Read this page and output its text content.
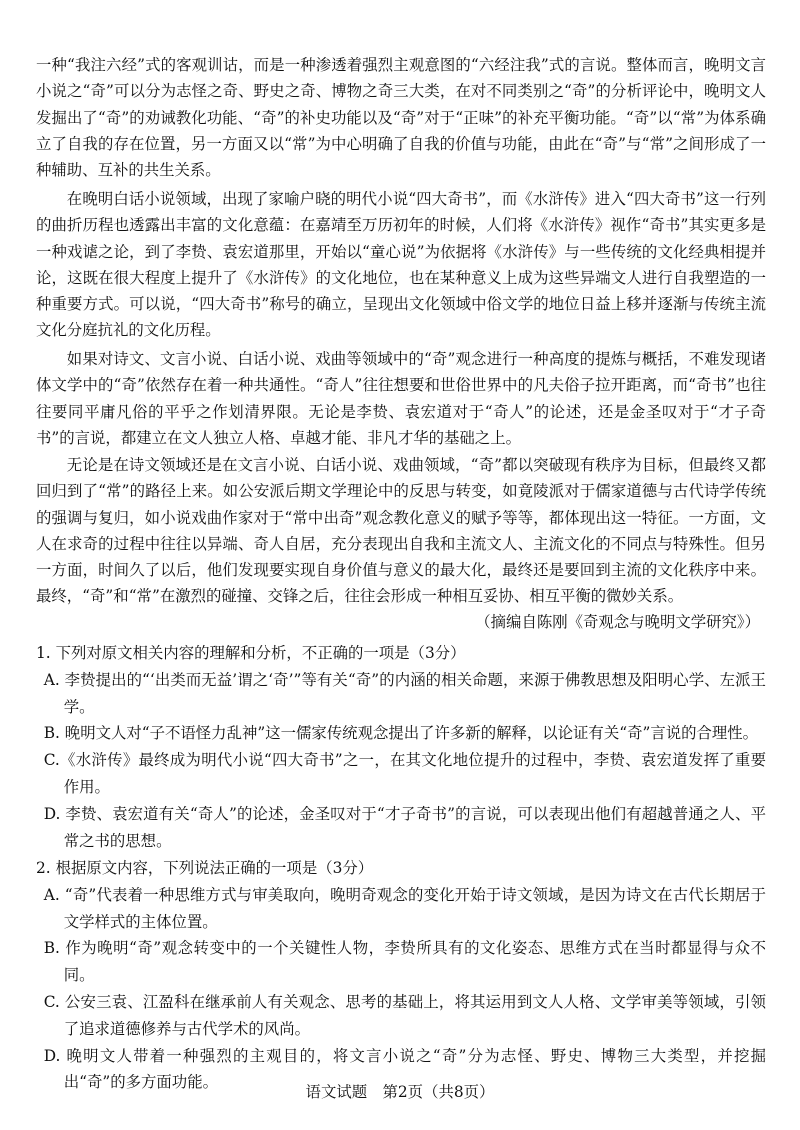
一种“我注六经”式的客观训诂，而是一种渗透着强烈主观意图的“六经注我”式的言说。整体而言，晚明文言小说之“奇”可以分为志怪之奇、野史之奇、博物之奇三大类，在对不同类别之“奇”的分析评论中，晚明文人发掘出了“奇”的劝诫教化功能、“奇”的补史功能以及“奇”对于“正味”的补充平衡功能。“奇”以“常”为体系确立了自我的存在位置，另一方面又以“常”为中心明确了自我的价值与功能，由此在“奇”与“常”之间形成了一种辅助、互补的共生关系。

在晚明白话小说领域，出现了家喻户晓的明代小说“四大奇书”，而《水浒传》进入“四大奇书”这一行列的曲折历程也透露出丰富的文化意蕴：在嘉靖至万历初年的时候，人们将《水浒传》视作“奇书”其实更多是一种戏谑之论，到了李贽、袁宏道那里，开始以“童心说”为依据将《水浒传》与一些传统的文化经典相提并论，这既在很大程度上提升了《水浒传》的文化地位，也在某种意义上成为这些异端文人进行自我塑造的一种重要方式。可以说，“四大奇书”称号的确立，呈现出文化领域中俗文学的地位日益上移并逐渐与传统主流文化分庭抗礼的文化历程。

如果对诗文、文言小说、白话小说、戏曲等领域中的“奇”观念进行一种高度的提炼与概括，不难发现诸体文学中的“奇”依然存在着一种共通性。“奇人”往往想要和世俗世界中的凡夫俗子拉开距离，而“奇书”也往往要同平庸凡俗的平乎之作划清界限。无论是李贽、袁宏道对于“奇人”的论述，还是金圣叹对于“才子奇书”的言说，都建立在文人独立人格、卓越才能、非凡才华的基础之上。

无论是在诗文领域还是在文言小说、白话小说、戏曲领域，“奇”都以突破现有秩序为目标，但最终又都回归到了“常”的路径上来。如公安派后期文学理论中的反思与转变，如竟陵派对于儒家道德与古代诗学传统的强调与复归，如小说戏曲作家对于“常中出奇”观念教化意义的赋予等等，都体现出这一特征。一方面，文人在求奇的过程中往往以异端、奇人自居，充分表现出自我和主流文人、主流文化的不同点与特殊性。但另一方面，时间久了以后，他们发现要实现自身价值与意义的最大化，最终还是要回到主流的文化秩序中来。最终，“奇”和“常”在激烈的碰撞、交锋之后，往往会形成一种相互妥协、相互平衡的微妙关系。

（摘编自陈刚《奇观念与晚明文学研究》）

1. 下列对原文相关内容的理解和分析，不正确的一项是（3分）

A. 李贽提出的“‘出类而无益’谓之‘奇’”等有关“奇”的内涵的相关命题，来源于佛教思想及阳明心学、左派王学。

B. 晚明文人对“子不语怪力乱神”这一儒家传统观念提出了许多新的解释，以论证有关“奇”言说的合理性。

C.《水浒传》最终成为明代小说“四大奇书”之一，在其文化地位提升的过程中，李贽、袁宏道发挥了重要作用。

D. 李贽、袁宏道有关“奇人”的论述，金圣叹对于“才子奇书”的言说，可以表现出他们有超越普通之人、平常之书的思想。

2. 根据原文内容，下列说法正确的一项是（3分）

A. “奇”代表着一种思维方式与审美取向，晚明奇观念的变化开始于诗文领域，是因为诗文在古代长期居于文学样式的主体位置。

B. 作为晚明“奇”观念转变中的一个关键性人物，李贽所具有的文化姿态、思维方式在当时都显得与众不同。

C. 公安三袁、江盈科在继承前人有关观念、思考的基础上，将其运用到文人人格、文学审美等领域，引领了追求道德修养与古代学术的风尚。

D. 晚明文人带着一种强烈的主观目的，将文言小说之“奇”分为志怪、野史、博物三大类型，并挖掘出“奇”的多方面功能。

语文试题　第2页（共8页）
